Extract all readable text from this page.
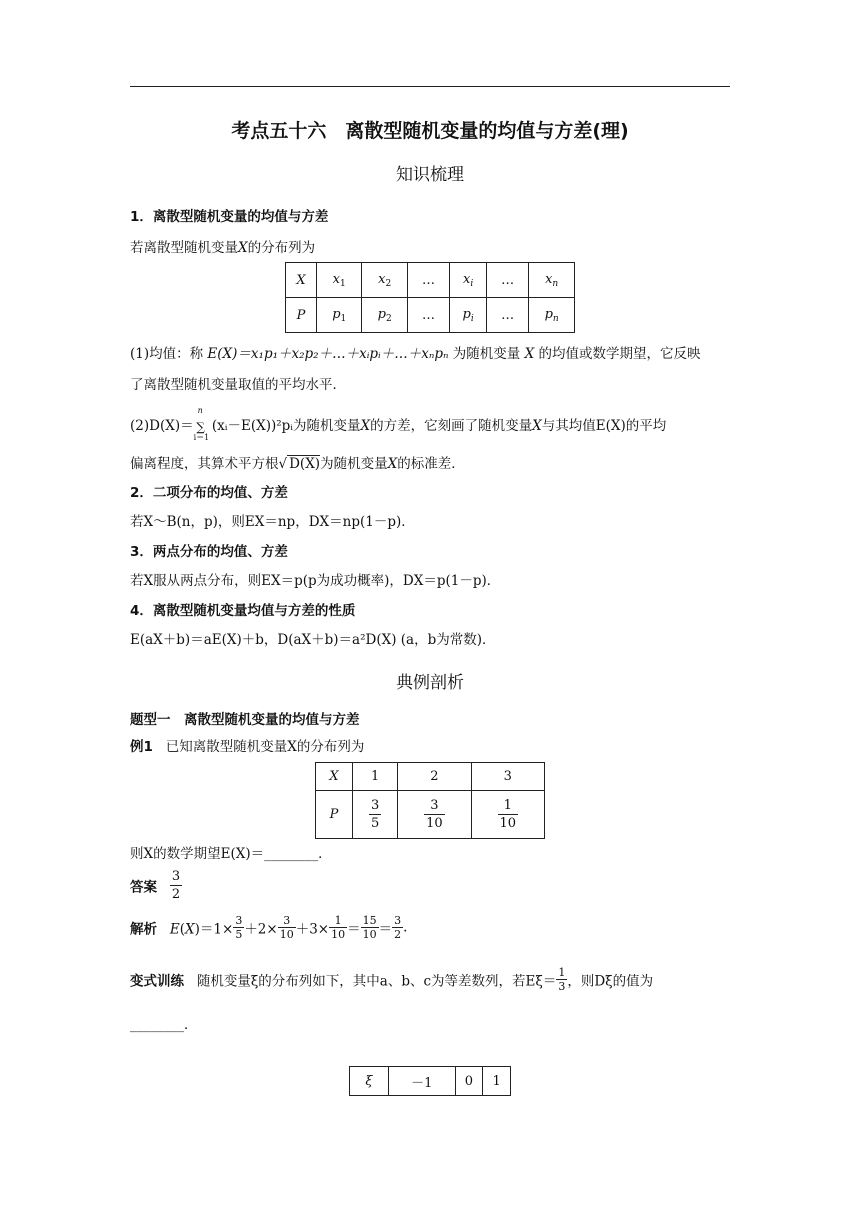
考点五十六　离散型随机变量的均值与方差(理)
知识梳理
1．离散型随机变量的均值与方差
若离散型随机变量X的分布列为
X	$x_1$	$x_2$	…	$x_i$	…	$x_n$
P	$p_1$	$p_2$	…	$p_i$	…	$p_n$
(1)均值：称 E(X)＝x₁p₁＋x₂p₂＋…＋xᵢpᵢ＋…＋xₙpₙ 为随机变量 X 的均值或数学期望，它反映
了离散型随机变量取值的平均水平．
(2)D(X)＝
n
∑
i＝1
(xᵢ－E(X))²pᵢ为随机变量X的方差，它刻画了随机变量X与其均值E(X)的平均
偏离程度，其算术平方根√ D(X)为随机变量X的标准差．
2．二项分布的均值、方差
若X～B(n，p)，则EX＝np，DX＝np(1－p)．
3．两点分布的均值、方差
若X服从两点分布，则EX＝p(p为成功概率)，DX＝p(1－p)．
4．离散型随机变量均值与方差的性质
E(aX＋b)＝aE(X)＋b，D(aX＋b)＝a²D(X) (a，b为常数)．
典例剖析
题型一　离散型随机变量的均值与方差
例1 已知离散型随机变量X的分布列为
X	1	2	3
P	$\frac{3}{5}$	$\frac{3}{10}$	$\frac{1}{10}$
则X的数学期望E(X)＝________．
答案 $\frac{3}{2}$
解析 $E(X)=1\times \frac{3}{5} +2\times \frac{3}{10} +3\times \frac{1}{10} = \frac{15}{10} = \frac{3}{2}$ .
变式训练 随机变量ξ的分布列如下，其中a、b、c为等差数列，若$E\xi= \frac{1}{3}$ ，则Dξ的值为
________．
ξ	－1	0	1
